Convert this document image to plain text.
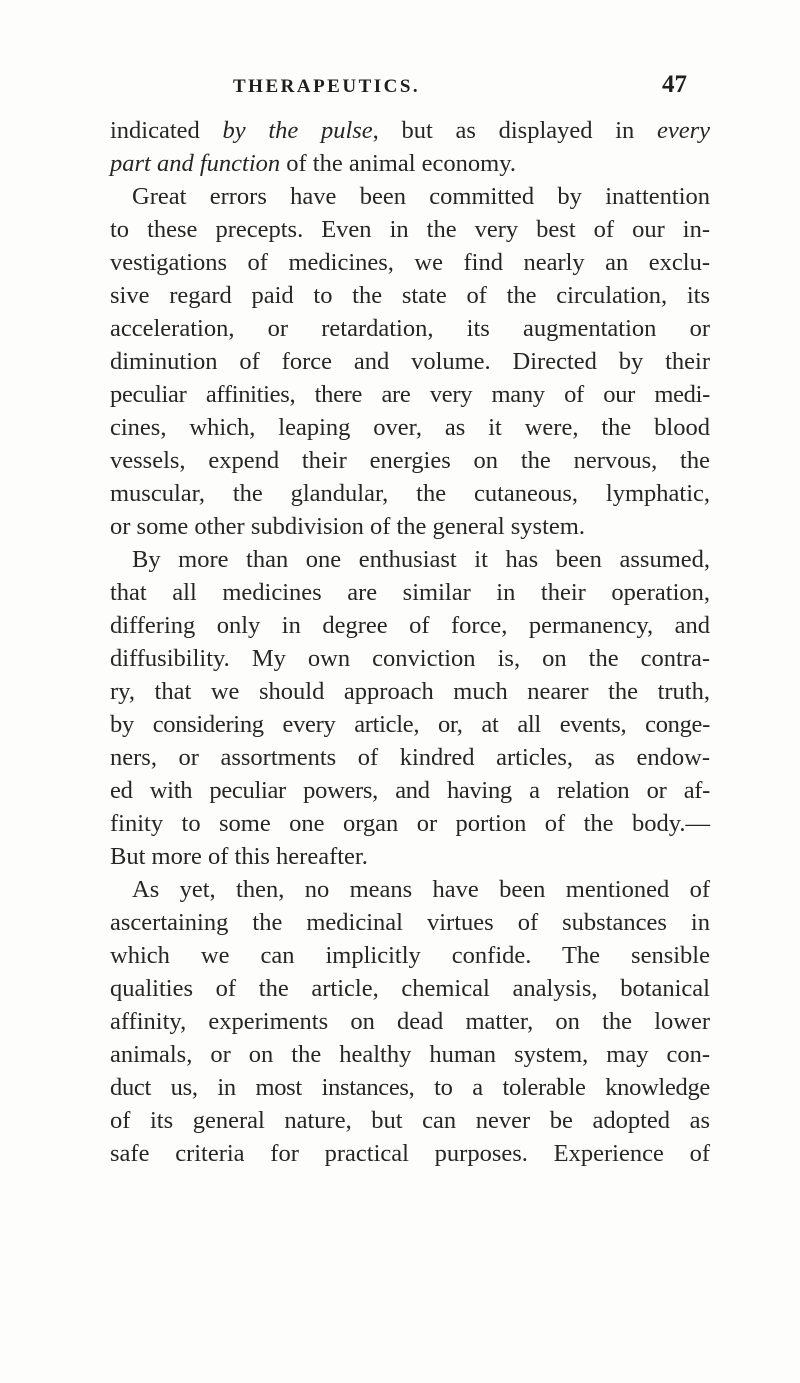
THERAPEUTICS.	47
indicated by the pulse, but as displayed in every
part and function of the animal economy.
Great errors have been committed by inattention
to these precepts. Even in the very best of our in-
vestigations of medicines, we find nearly an exclu-
sive regard paid to the state of the circulation, its
acceleration, or retardation, its augmentation or
diminution of force and volume. Directed by their
peculiar affinities, there are very many of our medi-
cines, which, leaping over, as it were, the blood
vessels, expend their energies on the nervous, the
muscular, the glandular, the cutaneous, lymphatic,
or some other subdivision of the general system.
By more than one enthusiast it has been assumed,
that all medicines are similar in their operation,
differing only in degree of force, permanency, and
diffusibility. My own conviction is, on the contra-
ry, that we should approach much nearer the truth,
by considering every article, or, at all events, conge-
ners, or assortments of kindred articles, as endow-
ed with peculiar powers, and having a relation or af-
finity to some one organ or portion of the body.—
But more of this hereafter.
As yet, then, no means have been mentioned of
ascertaining the medicinal virtues of substances in
which we can implicitly confide. The sensible
qualities of the article, chemical analysis, botanical
affinity, experiments on dead matter, on the lower
animals, or on the healthy human system, may con-
duct us, in most instances, to a tolerable knowledge
of its general nature, but can never be adopted as
safe criteria for practical purposes. Experience of
